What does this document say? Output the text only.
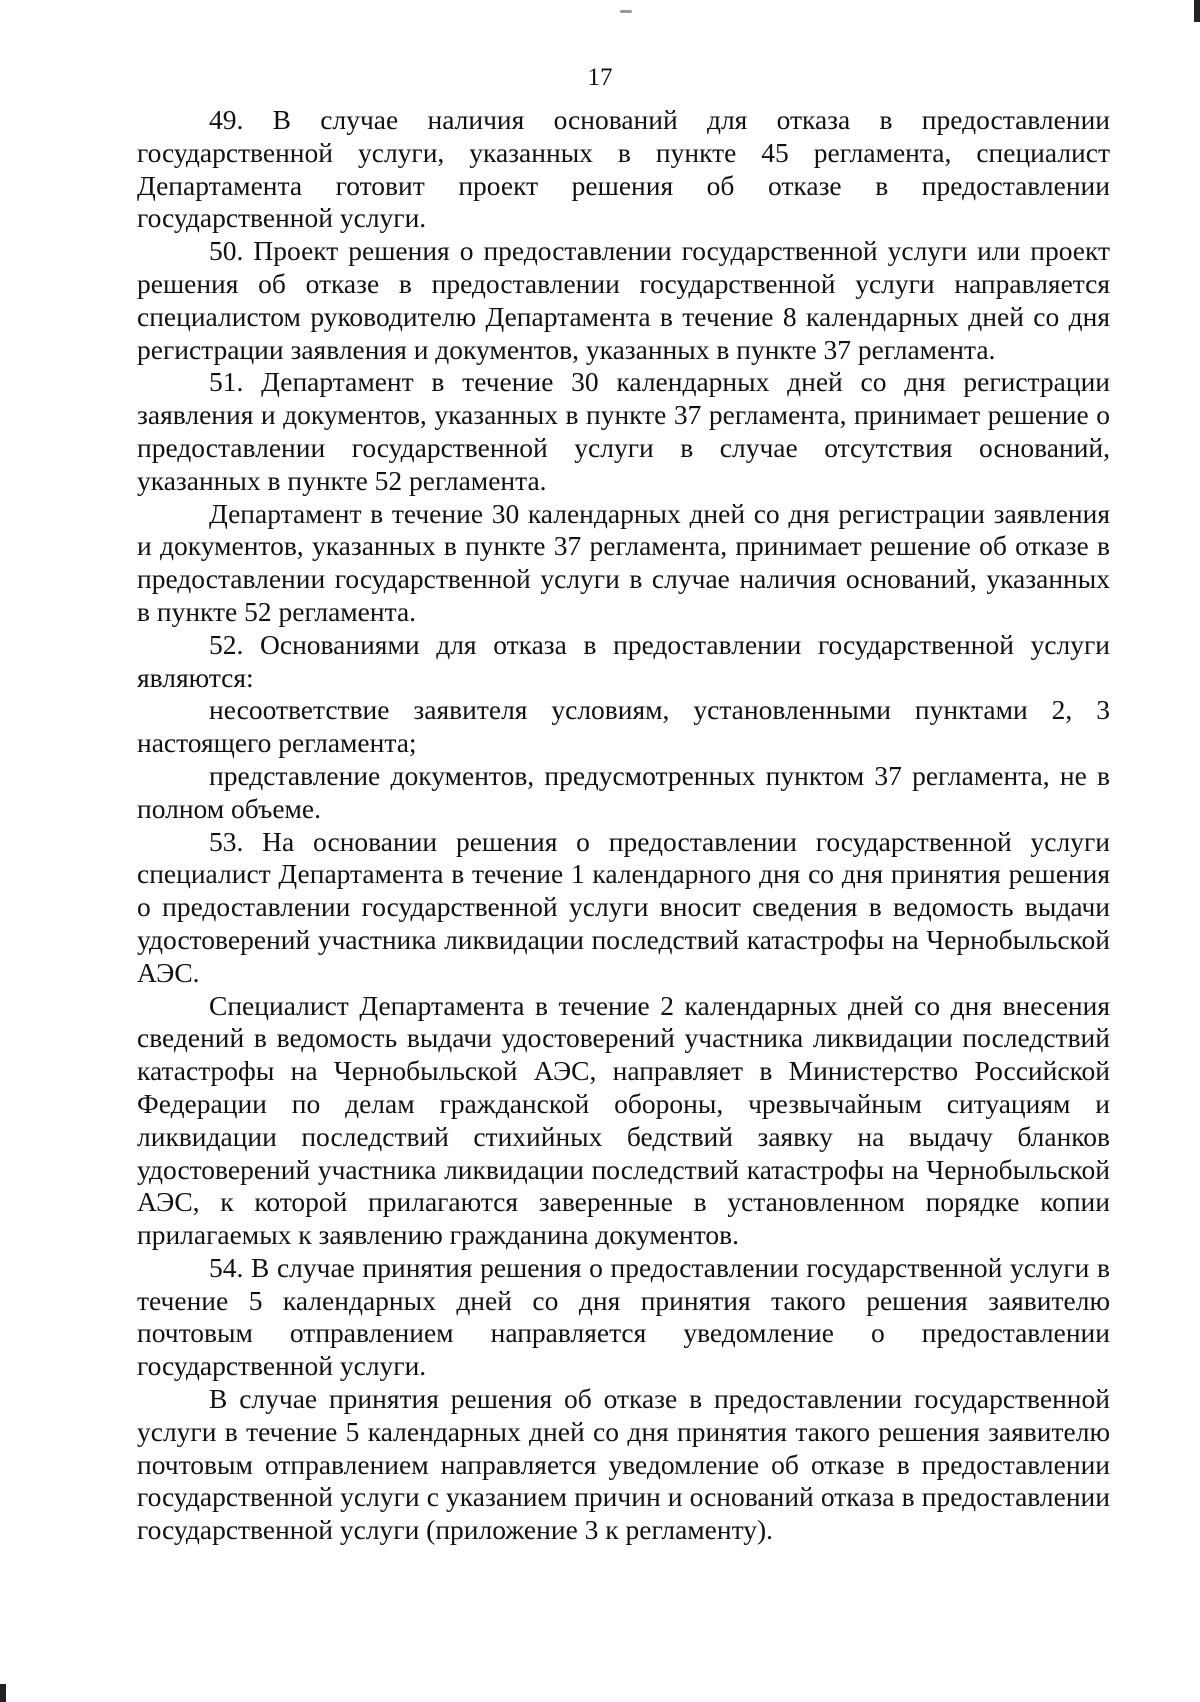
17

49. В случае наличия оснований для отказа в предоставлении государственной услуги, указанных в пункте 45 регламента, специалист Департамента готовит проект решения об отказе в предоставлении государственной услуги.

50. Проект решения о предоставлении государственной услуги или проект решения об отказе в предоставлении государственной услуги направляется специалистом руководителю Департамента в течение 8 календарных дней со дня регистрации заявления и документов, указанных в пункте 37 регламента.

51. Департамент в течение 30 календарных дней со дня регистрации заявления и документов, указанных в пункте 37 регламента, принимает решение о предоставлении государственной услуги в случае отсутствия оснований, указанных в пункте 52 регламента.

Департамент в течение 30 календарных дней со дня регистрации заявления и документов, указанных в пункте 37 регламента, принимает решение об отказе в предоставлении государственной услуги в случае наличия оснований, указанных в пункте 52 регламента.

52. Основаниями для отказа в предоставлении государственной услуги являются:

несоответствие заявителя условиям, установленными пунктами 2, 3 настоящего регламента;

представление документов, предусмотренных пунктом 37 регламента, не в полном объеме.

53. На основании решения о предоставлении государственной услуги специалист Департамента в течение 1 календарного дня со дня принятия решения о предоставлении государственной услуги вносит сведения в ведомость выдачи удостоверений участника ликвидации последствий катастрофы на Чернобыльской АЭС.

Специалист Департамента в течение 2 календарных дней со дня внесения сведений в ведомость выдачи удостоверений участника ликвидации последствий катастрофы на Чернобыльской АЭС, направляет в Министерство Российской Федерации по делам гражданской обороны, чрезвычайным ситуациям и ликвидации последствий стихийных бедствий заявку на выдачу бланков удостоверений участника ликвидации последствий катастрофы на Чернобыльской АЭС, к которой прилагаются заверенные в установленном порядке копии прилагаемых к заявлению гражданина документов.

54. В случае принятия решения о предоставлении государственной услуги в течение 5 календарных дней со дня принятия такого решения заявителю почтовым отправлением направляется уведомление о предоставлении государственной услуги.

В случае принятия решения об отказе в предоставлении государственной услуги в течение 5 календарных дней со дня принятия такого решения заявителю почтовым отправлением направляется уведомление об отказе в предоставлении государственной услуги с указанием причин и оснований отказа в предоставлении государственной услуги (приложение 3 к регламенту).
